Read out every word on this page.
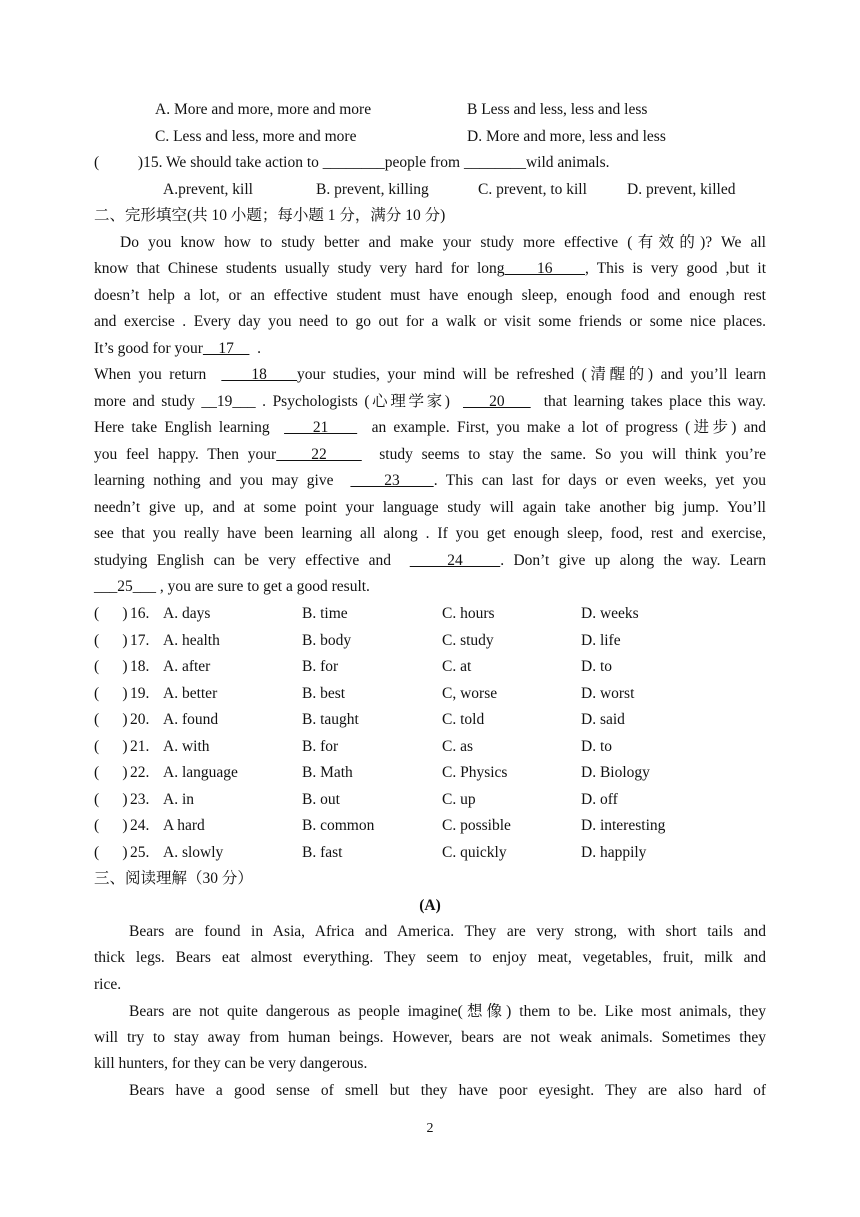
A. More and more, more and more	B Less and less, less and less
C. Less and less, more and more	D. More and more, less and less
(          )15. We should take action to ________people from ________wild animals.
A.prevent, kill	B. prevent, killing	C. prevent, to kill	D. prevent, killed
二、完形填空(共 10 小题；每小题 1 分，满分 10 分)
Do you know how to study better and make your study more effective (有效的)? We all
know that Chinese students usually study very hard for long    16    , This is very good ,but it
doesn’t help a lot, or an effective student must have enough sleep, enough food and enough rest
and exercise . Every day you need to go out for a walk or visit some friends or some nice places.
It’s good for your    17      .
When you return      18    your studies, your mind will be refreshed (清醒的) and you’ll learn
more and study __19___ . Psychologists (心理学家)      20      that learning takes place this way.
Here take English learning      21      an example. First, you make a lot of progress (进步) and
you feel happy. Then your    22      study seems to stay the same. So you will think you’re
learning nothing and you may give      23    . This can last for days or even weeks, yet you
needn’t give up, and at some point your language study will again take another big jump. You’ll
see that you really have been learning all along . If you get enough sleep, food, rest and exercise,
studying English can be very effective and      24    . Don’t give up along the way. Learn
___25___ , you are sure to get a good result.
(      ) 16. A. days	B. time	C. hours	D. weeks
(      ) 17. A. health	B. body	C. study	D. life
(      ) 18. A. after	B. for	C. at	D. to
(      ) 19. A. better	B. best	C, worse	D. worst
(      ) 20. A. found	B. taught	C. told	D. said
(      ) 21. A. with	B. for	C. as	D. to
(      ) 22. A. language	B. Math	C. Physics	D. Biology
(      ) 23. A. in	B. out	C. up	D. off
(      ) 24. A hard	B. common	C. possible	D. interesting
(      ) 25. A. slowly	B. fast	C. quickly	D. happily
三、阅读理解（30 分）
(A)
Bears are found in Asia, Africa and America. They are very strong, with short tails and
thick legs. Bears eat almost everything. They seem to enjoy meat, vegetables, fruit, milk and
rice.
Bears are not quite dangerous as people imagine(想像) them to be. Like most animals, they
will try to stay away from human beings. However, bears are not weak animals. Sometimes they
kill hunters, for they can be very dangerous.
Bears have a good sense of smell but they have poor eyesight. They are also hard of
2
